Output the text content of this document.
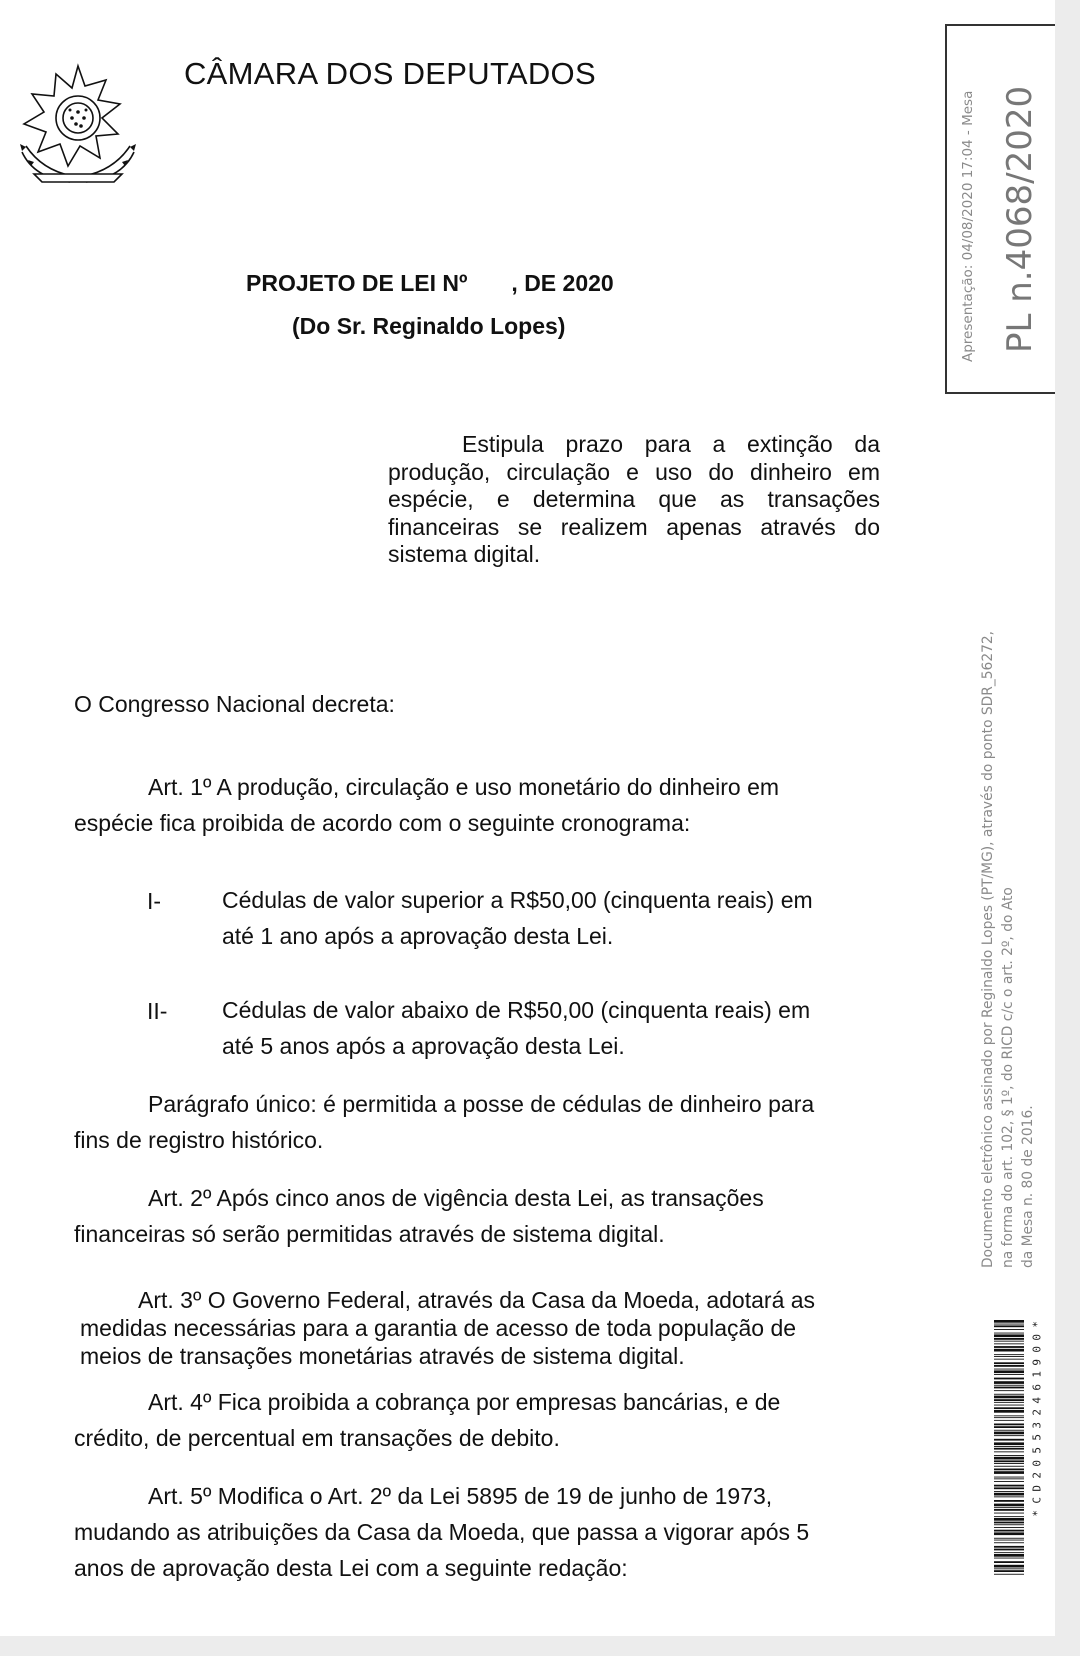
CÂMARA DOS DEPUTADOS
PROJETO DE LEI Nº , DE 2020
(Do Sr. Reginaldo Lopes)
Estipula prazo para a extinção da produção, circulação e uso do dinheiro em espécie, e determina que as transações financeiras se realizem apenas através do sistema digital.
O Congresso Nacional decreta:
Art. 1º A produção, circulação e uso monetário do dinheiro em
espécie fica proibida de acordo com o seguinte cronograma:
I-	Cédulas de valor superior a R$50,00 (cinquenta reais) em
até 1 ano após a aprovação desta Lei.
II- Cédulas de valor abaixo de R$50,00 (cinquenta reais) em
até 5 anos após a aprovação desta Lei.
Parágrafo único: é permitida a posse de cédulas de dinheiro para
fins de registro histórico.
Art. 2º Após cinco anos de vigência desta Lei, as transações
financeiras só serão permitidas através de sistema digital.
Art. 3º O Governo Federal, através da Casa da Moeda, adotará as
medidas necessárias para a garantia de acesso de toda população de
meios de transações monetárias através de sistema digital.
Art. 4º Fica proibida a cobrança por empresas bancárias, e de
crédito, de percentual em transações de debito.
Art. 5º Modifica o Art. 2º da Lei 5895 de 19 de junho de 1973,
mudando as atribuições da Casa da Moeda, que passa a vigorar após 5
anos de aprovação desta Lei com a seguinte redação:
PL n.4068/2020
Apresentação: 04/08/2020 17:04 - Mesa
Documento eletrônico assinado por Reginaldo Lopes (PT/MG), através do ponto SDR_56272, na forma do art. 102, § 1º, do RICD c/c o art. 2º, do Ato da Mesa n. 80 de 2016.
*
0
0
9
1
6
4
2
3
5
5
0
2
D
C
*
